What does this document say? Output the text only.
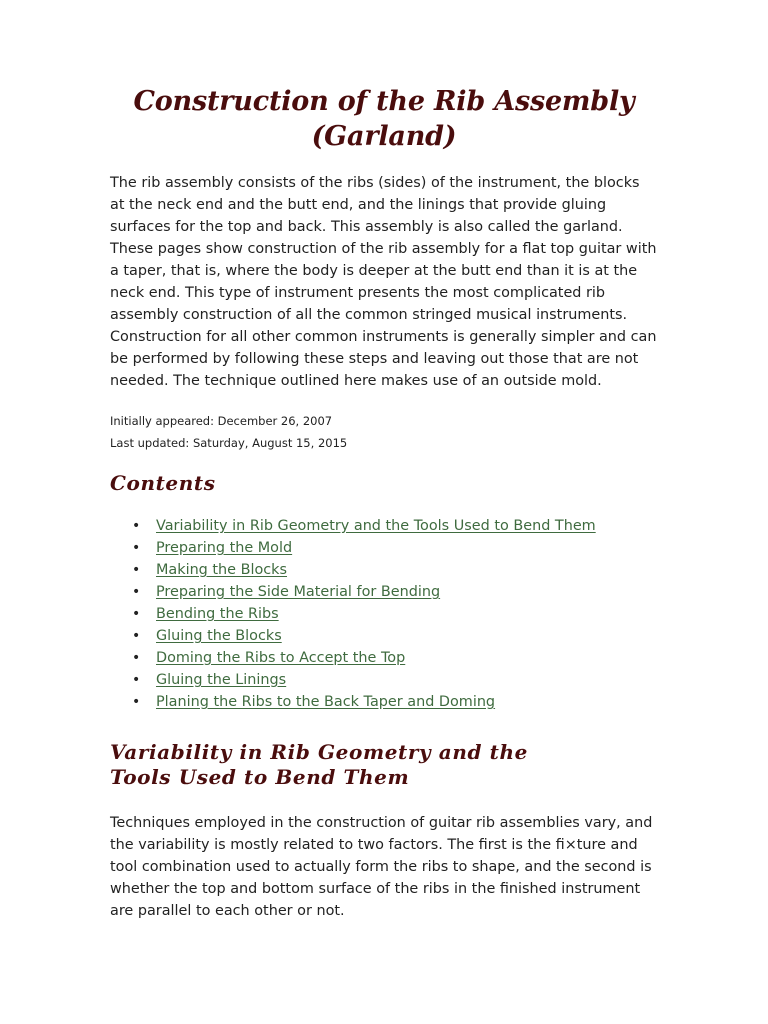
Construction of the Rib Assembly
(Garland)

The rib assembly consists of the ribs (sides) of the instrument, the blocks at the neck end and the butt end, and the linings that provide gluing surfaces for the top and back. This assembly is also called the garland. These pages show construction of the rib assembly for a flat top guitar with a taper, that is, where the body is deeper at the butt end than it is at the neck end. This type of instrument presents the most complicated rib assembly construction of all the common stringed musical instruments. Construction for all other common instruments is generally simpler and can be performed by following these steps and leaving out those that are not needed. The technique outlined here makes use of an outside mold.

Initially appeared: December 26, 2007

Last updated: Saturday, August 15, 2015

Contents
• Variability in Rib Geometry and the Tools Used to Bend Them
• Preparing the Mold
• Making the Blocks
• Preparing the Side Material for Bending
• Bending the Ribs
• Gluing the Blocks
• Doming the Ribs to Accept the Top
• Gluing the Linings
• Planing the Ribs to the Back Taper and Doming
Variability in Rib Geometry and the
Tools Used to Bend Them

Techniques employed in the construction of guitar rib assemblies vary, and the variability is mostly related to two factors. The first is the fi×ture and tool combination used to actually form the ribs to shape, and the second is whether the top and bottom surface of the ribs in the finished instrument are parallel to each other or not.
